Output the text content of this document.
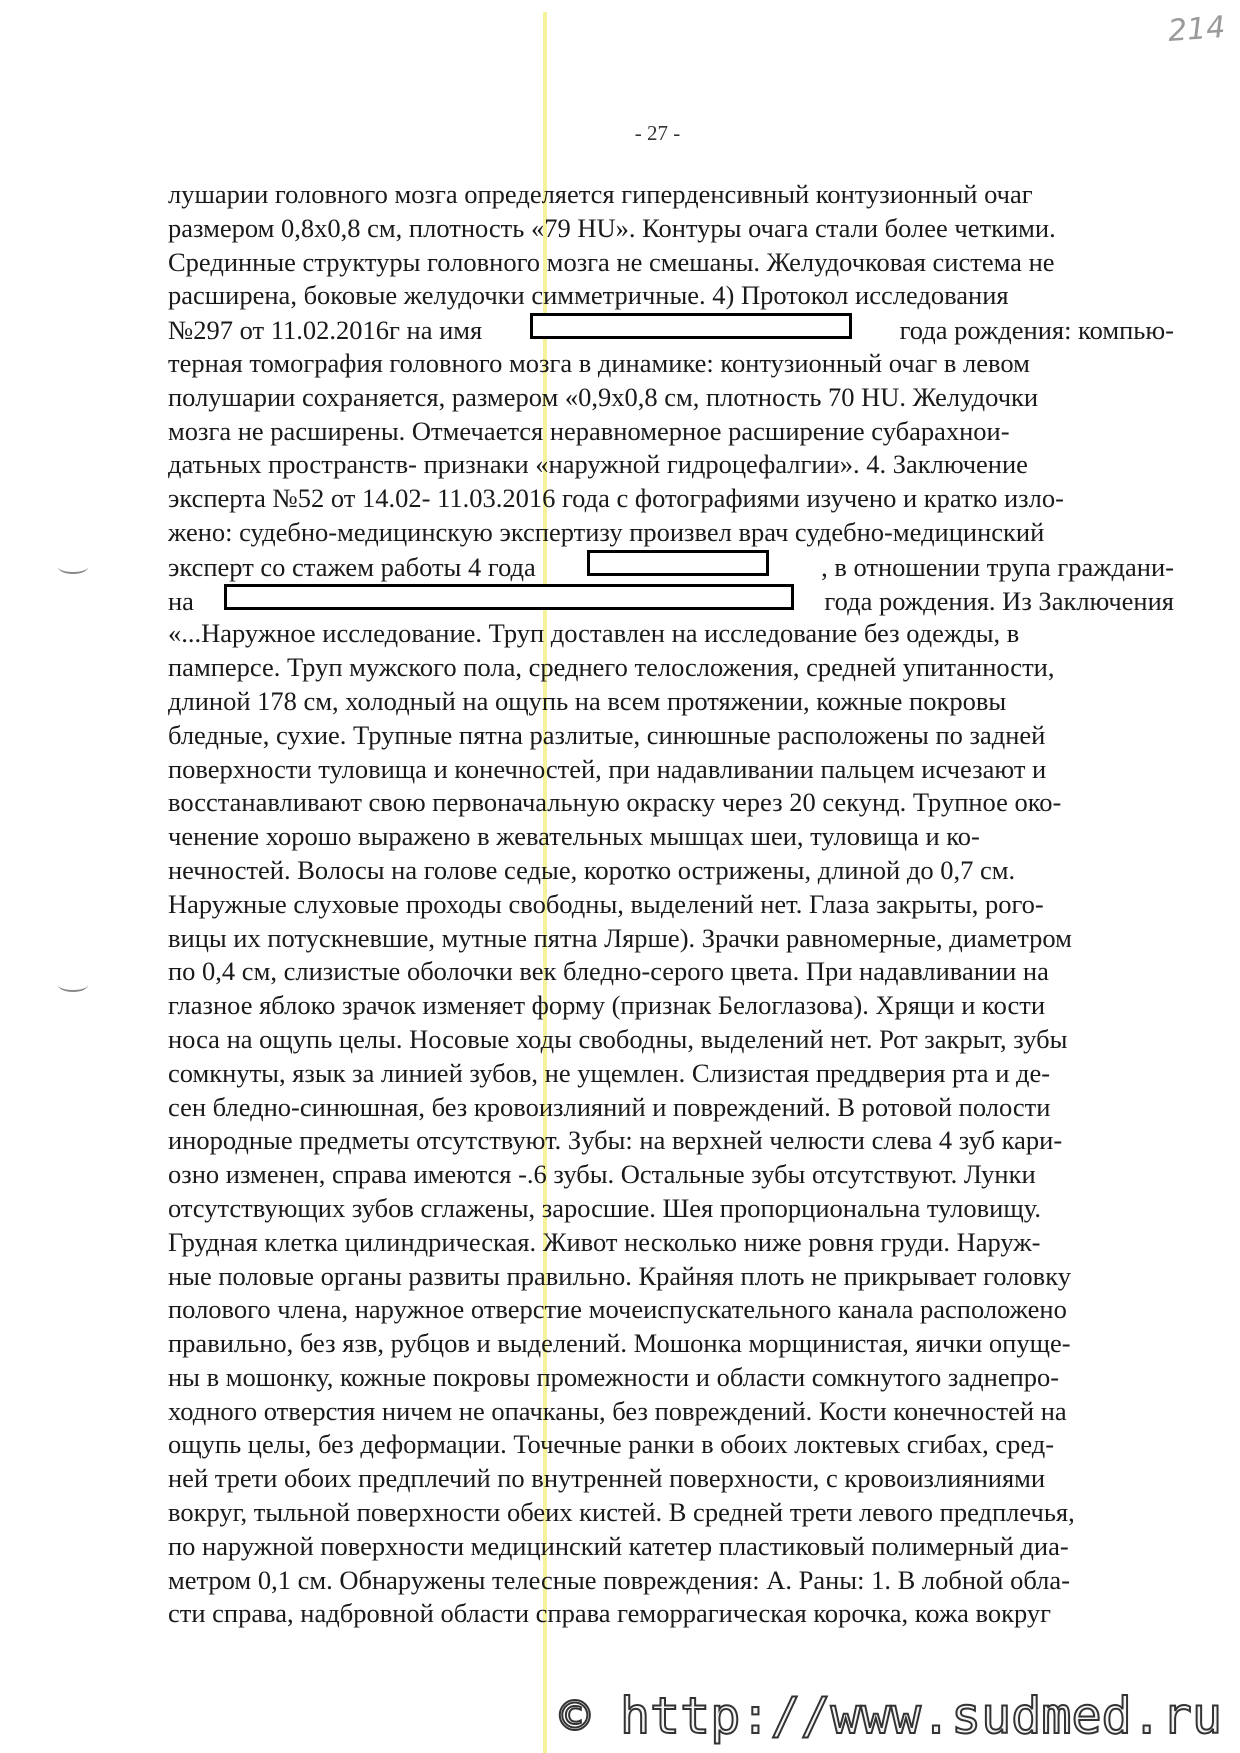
214
- 27 -
лушарии головного мозга определяется гиперденсивный контузионный очаг
размером 0,8х0,8 см, плотность «79 HU». Контуры очага стали более четкими.
Срединные структуры головного мозга не смешаны. Желудочковая система не
расширена, боковые желудочки симметричные. 4) Протокол исследования
№297 от 11.02.2016г на имя	года рождения: компью-
терная томография головного мозга в динамике: контузионный очаг в левом
полушарии сохраняется, размером «0,9х0,8 см, плотность 70 HU. Желудочки
мозга не расширены. Отмечается неравномерное расширение субарахнои-
датьных пространств- признаки «наружной гидроцефалгии». 4. Заключение
эксперта №52 от 14.02- 11.03.2016 года с фотографиями изучено и кратко изло-
жено: судебно-медицинскую экспертизу произвел врач судебно-медицинский
эксперт со стажем работы 4 года	, в отношении трупа граждани-
на	года рождения. Из Заключения
«...Наружное исследование. Труп доставлен на исследование без одежды, в
памперсе. Труп мужского пола, среднего телосложения, средней упитанности,
длиной 178 см, холодный на ощупь на всем протяжении, кожные покровы
бледные, сухие. Трупные пятна разлитые, синюшные расположены по задней
поверхности туловища и конечностей, при надавливании пальцем исчезают и
восстанавливают свою первоначальную окраску через 20 секунд. Трупное око-
ченение хорошо выражено в жевательных мышцах шеи, туловища и ко-
нечностей. Волосы на голове седые, коротко острижены, длиной до 0,7 см.
Наружные слуховые проходы свободны, выделений нет. Глаза закрыты, рого-
вицы их потускневшие, мутные пятна Лярше). Зрачки равномерные, диаметром
по 0,4 см, слизистые оболочки век бледно-серого цвета. При надавливании на
глазное яблоко зрачок изменяет форму (признак Белоглазова). Хрящи и кости
носа на ощупь целы. Носовые ходы свободны, выделений нет. Рот закрыт, зубы
сомкнуты, язык за линией зубов, не ущемлен. Слизистая преддверия рта и де-
сен бледно-синюшная, без кровоизлияний и повреждений. В ротовой полости
инородные предметы отсутствуют. Зубы: на верхней челюсти слева 4 зуб кари-
озно изменен, справа имеются -.6 зубы. Остальные зубы отсутствуют. Лунки
отсутствующих зубов сглажены, заросшие. Шея пропорциональна туловищу.
Грудная клетка цилиндрическая. Живот несколько ниже ровня груди. Наруж-
ные половые органы развиты правильно. Крайняя плоть не прикрывает головку
полового члена, наружное отверстие мочеиспускательного канала расположено
правильно, без язв, рубцов и выделений. Мошонка морщинистая, яички опуще-
ны в мошонку, кожные покровы промежности и области сомкнутого заднепро-
ходного отверстия ничем не опачканы, без повреждений. Кости конечностей на
ощупь целы, без деформации. Точечные ранки в обоих локтевых сгибах, сред-
ней трети обоих предплечий по внутренней поверхности, с кровоизлияниями
вокруг, тыльной поверхности обеих кистей. В средней трети левого предплечья,
по наружной поверхности медицинский катетер пластиковый полимерный диа-
метром 0,1 см. Обнаружены телесные повреждения: А. Раны: 1. В лобной обла-
сти справа, надбровной области справа геморрагическая корочка, кожа вокруг
© http://www.sudmed.ru
